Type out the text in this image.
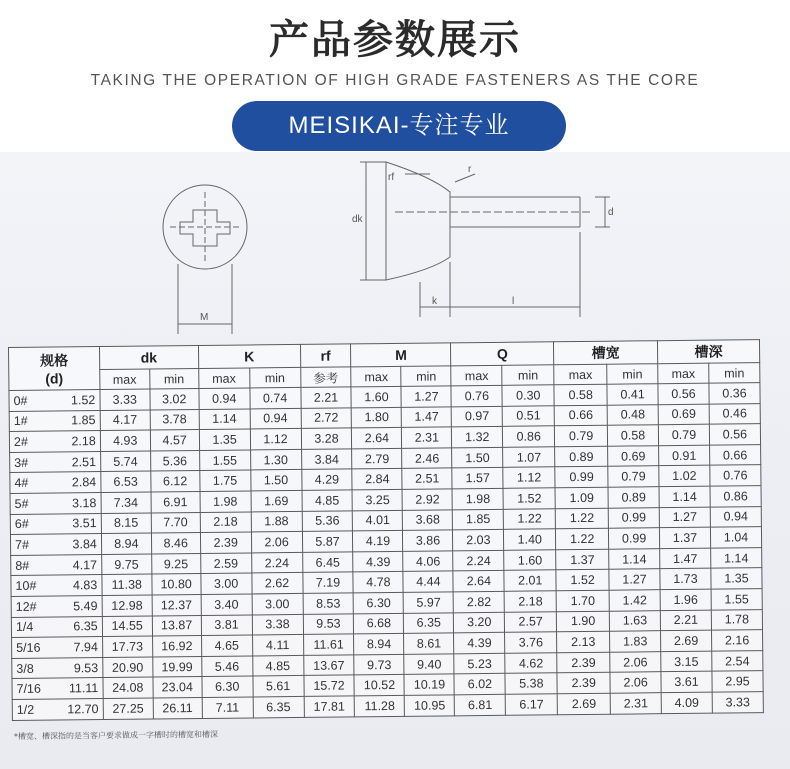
产品参数展示
TAKING THE OPERATION OF HIGH GRADE FASTENERS AS THE CORE
MEISIKAI-专注专业
M
rf
r
dk
d
k	l
规格
(d)	dk		K		rf	M		Q		槽宽		槽深	
	max	min	max	min	参考	max	min	max	min	max	min	max	min

0# 1.52	3.33	3.02	0.94	0.74	2.21	1.60	1.27	0.76	0.30	0.58	0.41	0.56	0.36

1# 1.85	4.17	3.78	1.14	0.94	2.72	1.80	1.47	0.97	0.51	0.66	0.48	0.69	0.46

2# 2.18	4.93	4.57	1.35	1.12	3.28	2.64	2.31	1.32	0.86	0.79	0.58	0.79	0.56

3# 2.51	5.74	5.36	1.55	1.30	3.84	2.79	2.46	1.50	1.07	0.89	0.69	0.91	0.66

4# 2.84	6.53	6.12	1.75	1.50	4.29	2.84	2.51	1.57	1.12	0.99	0.79	1.02	0.76

5# 3.18	7.34	6.91	1.98	1.69	4.85	3.25	2.92	1.98	1.52	1.09	0.89	1.14	0.86

6# 3.51	8.15	7.70	2.18	1.88	5.36	4.01	3.68	1.85	1.22	1.22	0.99	1.27	0.94

7# 3.84	8.94	8.46	2.39	2.06	5.87	4.19	3.86	2.03	1.40	1.22	0.99	1.37	1.04

8# 4.17	9.75	9.25	2.59	2.24	6.45	4.39	4.06	2.24	1.60	1.37	1.14	1.47	1.14

10# 4.83	11.38	10.80	3.00	2.62	7.19	4.78	4.44	2.64	2.01	1.52	1.27	1.73	1.35

12# 5.49	12.98	12.37	3.40	3.00	8.53	6.30	5.97	2.82	2.18	1.70	1.42	1.96	1.55

1/4 6.35	14.55	13.87	3.81	3.38	9.53	6.68	6.35	3.20	2.57	1.90	1.63	2.21	1.78

5/16 7.94	17.73	16.92	4.65	4.11	11.61	8.94	8.61	4.39	3.76	2.13	1.83	2.69	2.16

3/8 9.53	20.90	19.99	5.46	4.85	13.67	9.73	9.40	5.23	4.62	2.39	2.06	3.15	2.54

7/16 11.11	24.08	23.04	6.30	5.61	15.72	10.52	10.19	6.02	5.38	2.39	2.06	3.61	2.95

1/2 12.70	27.25	26.11	7.11	6.35	17.81	11.28	10.95	6.81	6.17	2.69	2.31	4.09	3.33
*槽宽、槽深指的是当客户要求做成一字槽时的槽宽和槽深
